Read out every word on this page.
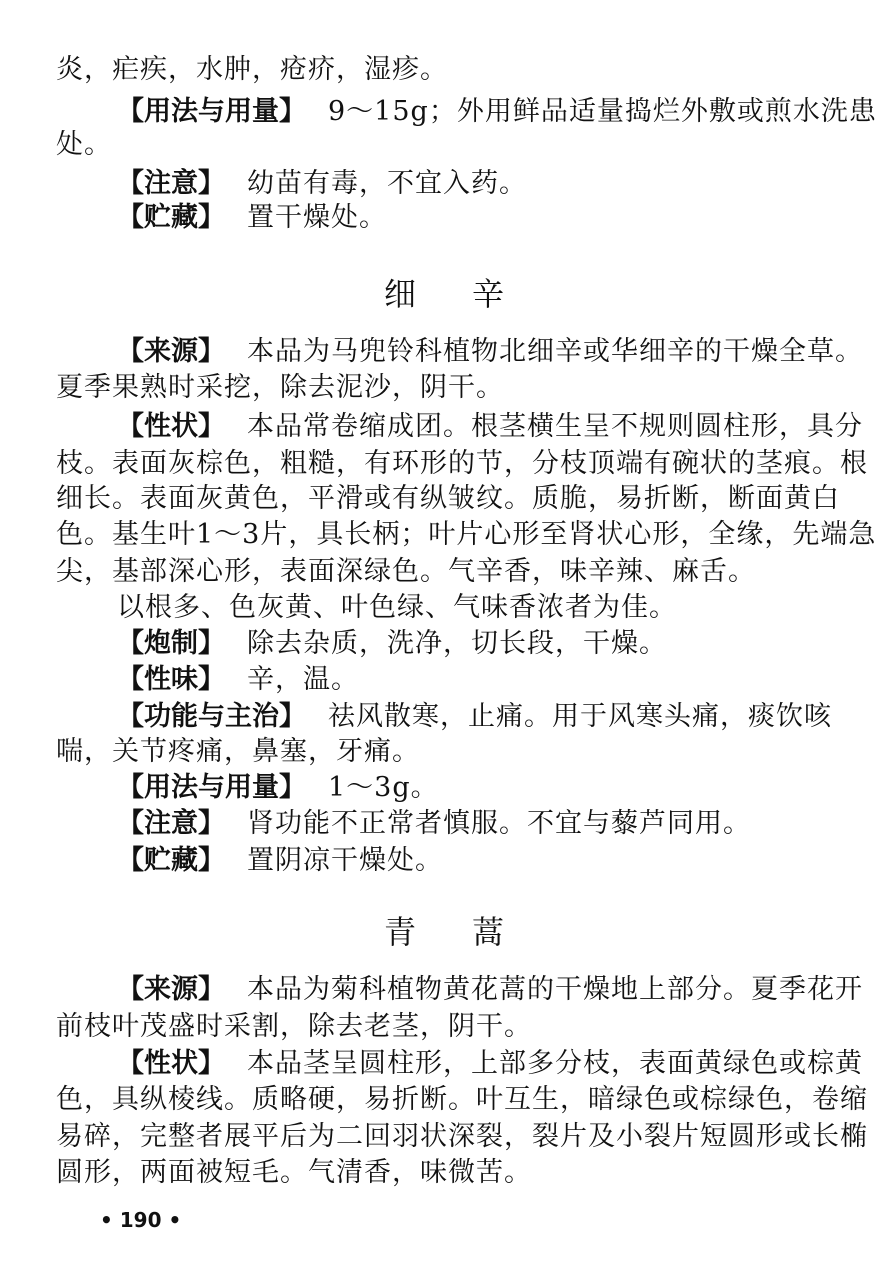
炎，疟疾，水肿，疮疥，湿疹。
【用法与用量】 9～15g；外用鲜品适量捣烂外敷或煎水洗患
处。
【注意】 幼苗有毒，不宜入药。
【贮藏】 置干燥处。
细 辛
【来源】 本品为马兜铃科植物北细辛或华细辛的干燥全草。
夏季果熟时采挖，除去泥沙，阴干。
【性状】 本品常卷缩成团。根茎横生呈不规则圆柱形，具分
枝。表面灰棕色，粗糙，有环形的节，分枝顶端有碗状的茎痕。根
细长。表面灰黄色，平滑或有纵皱纹。质脆，易折断，断面黄白
色。基生叶1～3片，具长柄；叶片心形至肾状心形，全缘，先端急
尖，基部深心形，表面深绿色。气辛香，味辛辣、麻舌。
以根多、色灰黄、叶色绿、气味香浓者为佳。
【炮制】 除去杂质，洗净，切长段，干燥。
【性味】 辛，温。
【功能与主治】 祛风散寒，止痛。用于风寒头痛，痰饮咳
喘，关节疼痛，鼻塞，牙痛。
【用法与用量】 1～3g。
【注意】 肾功能不正常者慎服。不宜与藜芦同用。
【贮藏】 置阴凉干燥处。
青 蒿
【来源】 本品为菊科植物黄花蒿的干燥地上部分。夏季花开
前枝叶茂盛时采割，除去老茎，阴干。
【性状】 本品茎呈圆柱形，上部多分枝，表面黄绿色或棕黄
色，具纵棱线。质略硬，易折断。叶互生，暗绿色或棕绿色，卷缩
易碎，完整者展平后为二回羽状深裂，裂片及小裂片短圆形或长椭
圆形，两面被短毛。气清香，味微苦。
• 190 •
